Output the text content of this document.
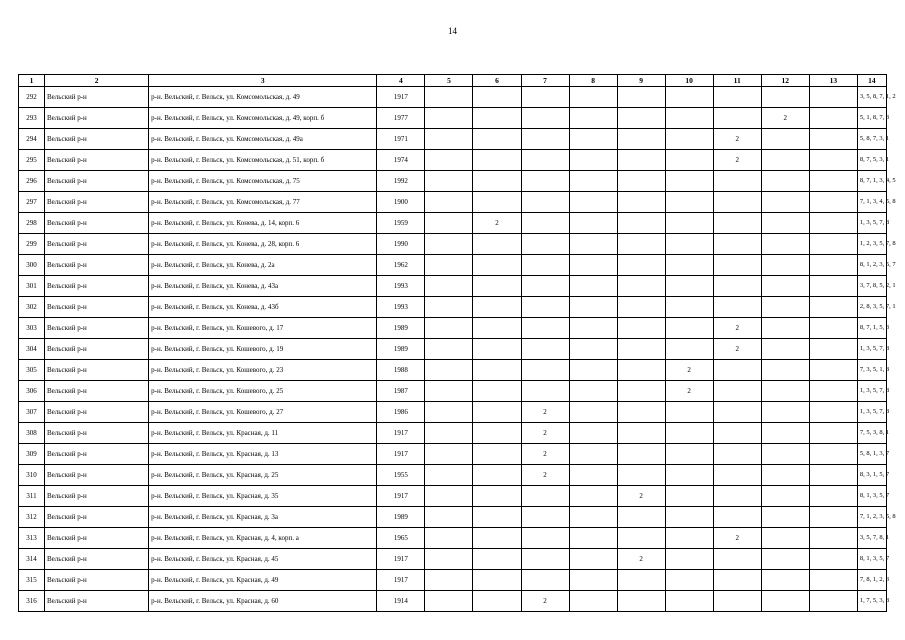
14
1	2	3	4	5	6	7	8	9	10	11	12	13	14
292	Вельский р-н	р-н. Вельский, г. Вельск, ул. Комсомольская, д. 49	1917										3, 5, 8, 7, 1, 2
293	Вельский р-н	р-н. Вельский, г. Вельск, ул. Комсомольская, д. 49, корп. б	1977								2		5, 1, 8, 7, 3
294	Вельский р-н	р-н. Вельский, г. Вельск, ул. Комсомольская, д. 49а	1971							2			5, 8, 7, 3, 1
295	Вельский р-н	р-н. Вельский, г. Вельск, ул. Комсомольская, д. 51, корп. б	1974							2			8, 7, 5, 3, 1
296	Вельский р-н	р-н. Вельский, г. Вельск, ул. Комсомольская, д. 75	1992										8, 7, 1, 3, 4, 5
297	Вельский р-н	р-н. Вельский, г. Вельск, ул. Комсомольская, д. 77	1900										7, 1, 3, 4, 5, 8
298	Вельский р-н	р-н. Вельский, г. Вельск, ул. Конева, д. 14, корп. 6	1959		2								1, 3, 5, 7, 8
299	Вельский р-н	р-н. Вельский, г. Вельск, ул. Конева, д. 28, корп. 6	1990										1, 2, 3, 5, 7, 8
300	Вельский р-н	р-н. Вельский, г. Вельск, ул. Конева, д. 2а	1962										8, 1, 2, 3, 5, 7
301	Вельский р-н	р-н. Вельский, г. Вельск, ул. Конева, д. 43а	1993										3, 7, 8, 5, 2, 1
302	Вельский р-н	р-н. Вельский, г. Вельск, ул. Конева, д. 43б	1993										2, 8, 3, 5, 7, 1
303	Вельский р-н	р-н. Вельский, г. Вельск, ул. Кошевого, д. 17	1989							2			8, 7, 1, 5, 3
304	Вельский р-н	р-н. Вельский, г. Вельск, ул. Кошевого, д. 19	1989							2			1, 3, 5, 7, 8
305	Вельский р-н	р-н. Вельский, г. Вельск, ул. Кошевого, д. 23	1988						2				7, 3, 5, 1, 8
306	Вельский р-н	р-н. Вельский, г. Вельск, ул. Кошевого, д. 25	1987						2				1, 3, 5, 7, 8
307	Вельский р-н	р-н. Вельский, г. Вельск, ул. Кошевого, д. 27	1986			2							1, 3, 5, 7, 8
308	Вельский р-н	р-н. Вельский, г. Вельск, ул. Красная, д. 11	1917			2							7, 5, 3, 8, 1
309	Вельский р-н	р-н. Вельский, г. Вельск, ул. Красная, д. 13	1917			2							5, 8, 1, 3, 7
310	Вельский р-н	р-н. Вельский, г. Вельск, ул. Красная, д. 25	1955			2							8, 3, 1, 5, 7
311	Вельский р-н	р-н. Вельский, г. Вельск, ул. Красная, д. 35	1917					2					8, 1, 3, 5, 7
312	Вельский р-н	р-н. Вельский, г. Вельск, ул. Красная, д. 3а	1989										7, 1, 2, 3, 5, 8
313	Вельский р-н	р-н. Вельский, г. Вельск, ул. Красная, д. 4, корп. а	1965							2			3, 5, 7, 8, 1
314	Вельский р-н	р-н. Вельский, г. Вельск, ул. Красная, д. 45	1917					2					8, 1, 3, 5, 7
315	Вельский р-н	р-н. Вельский, г. Вельск, ул. Красная, д. 49	1917										7, 8, 1, 2, 3
316	Вельский р-н	р-н. Вельский, г. Вельск, ул. Красная, д. 60	1914			2							1, 7, 5, 3, 8
